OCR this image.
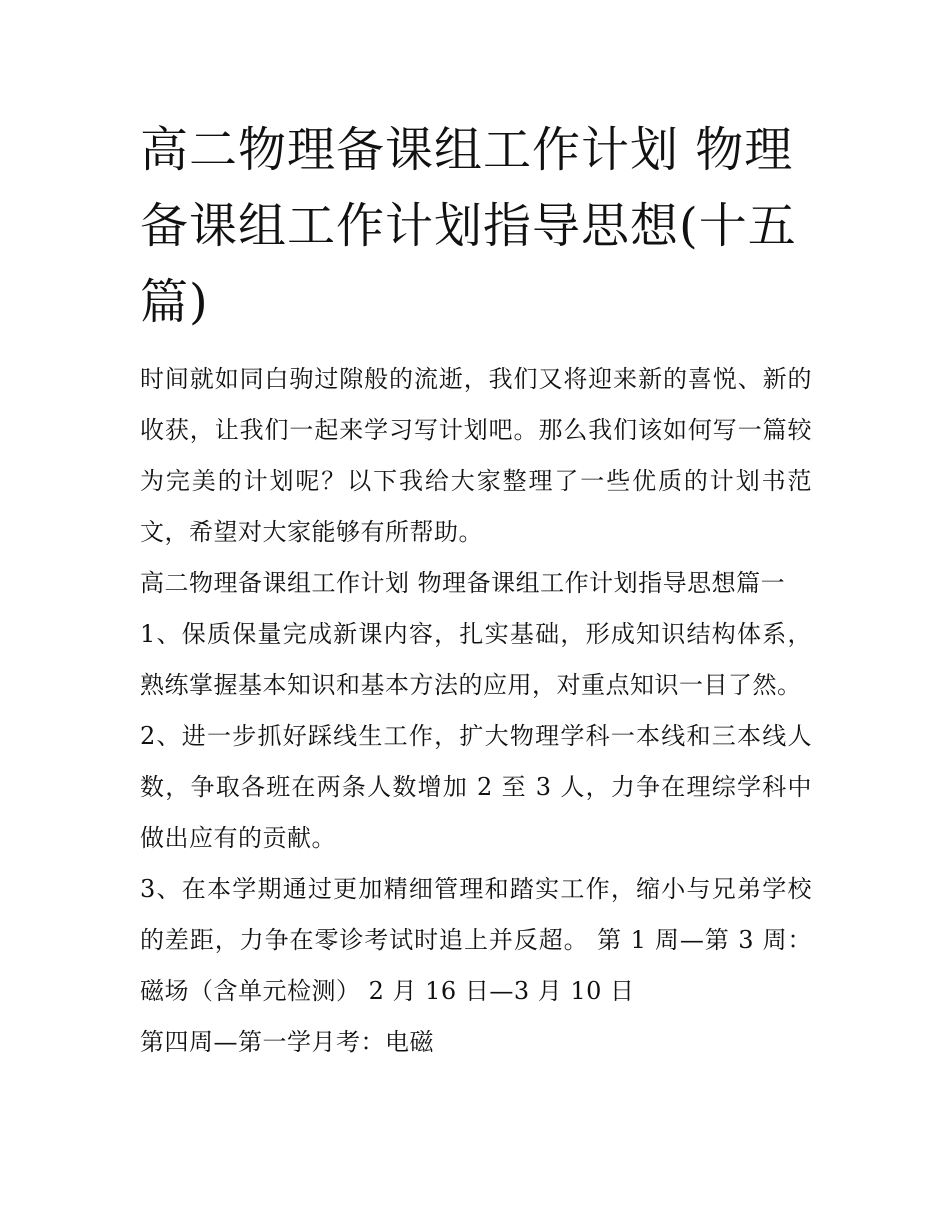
高二物理备课组工作计划 物理备课组工作计划指导思想(十五篇)

时间就如同白驹过隙般的流逝，我们又将迎来新的喜悦、新的收获，让我们一起来学习写计划吧。那么我们该如何写一篇较为完美的计划呢？以下我给大家整理了一些优质的计划书范文，希望对大家能够有所帮助。

高二物理备课组工作计划 物理备课组工作计划指导思想篇一

1、保质保量完成新课内容，扎实基础，形成知识结构体系，熟练掌握基本知识和基本方法的应用，对重点知识一目了然。

2、进一步抓好踩线生工作，扩大物理学科一本线和三本线人数，争取各班在两条人数增加 2 至 3 人，力争在理综学科中做出应有的贡献。

3、在本学期通过更加精细管理和踏实工作，缩小与兄弟学校的差距，力争在零诊考试时追上并反超。 第 1 周—第 3 周：磁场（含单元检测） 2 月 16 日—3 月 10 日

第四周—第一学月考：电磁
